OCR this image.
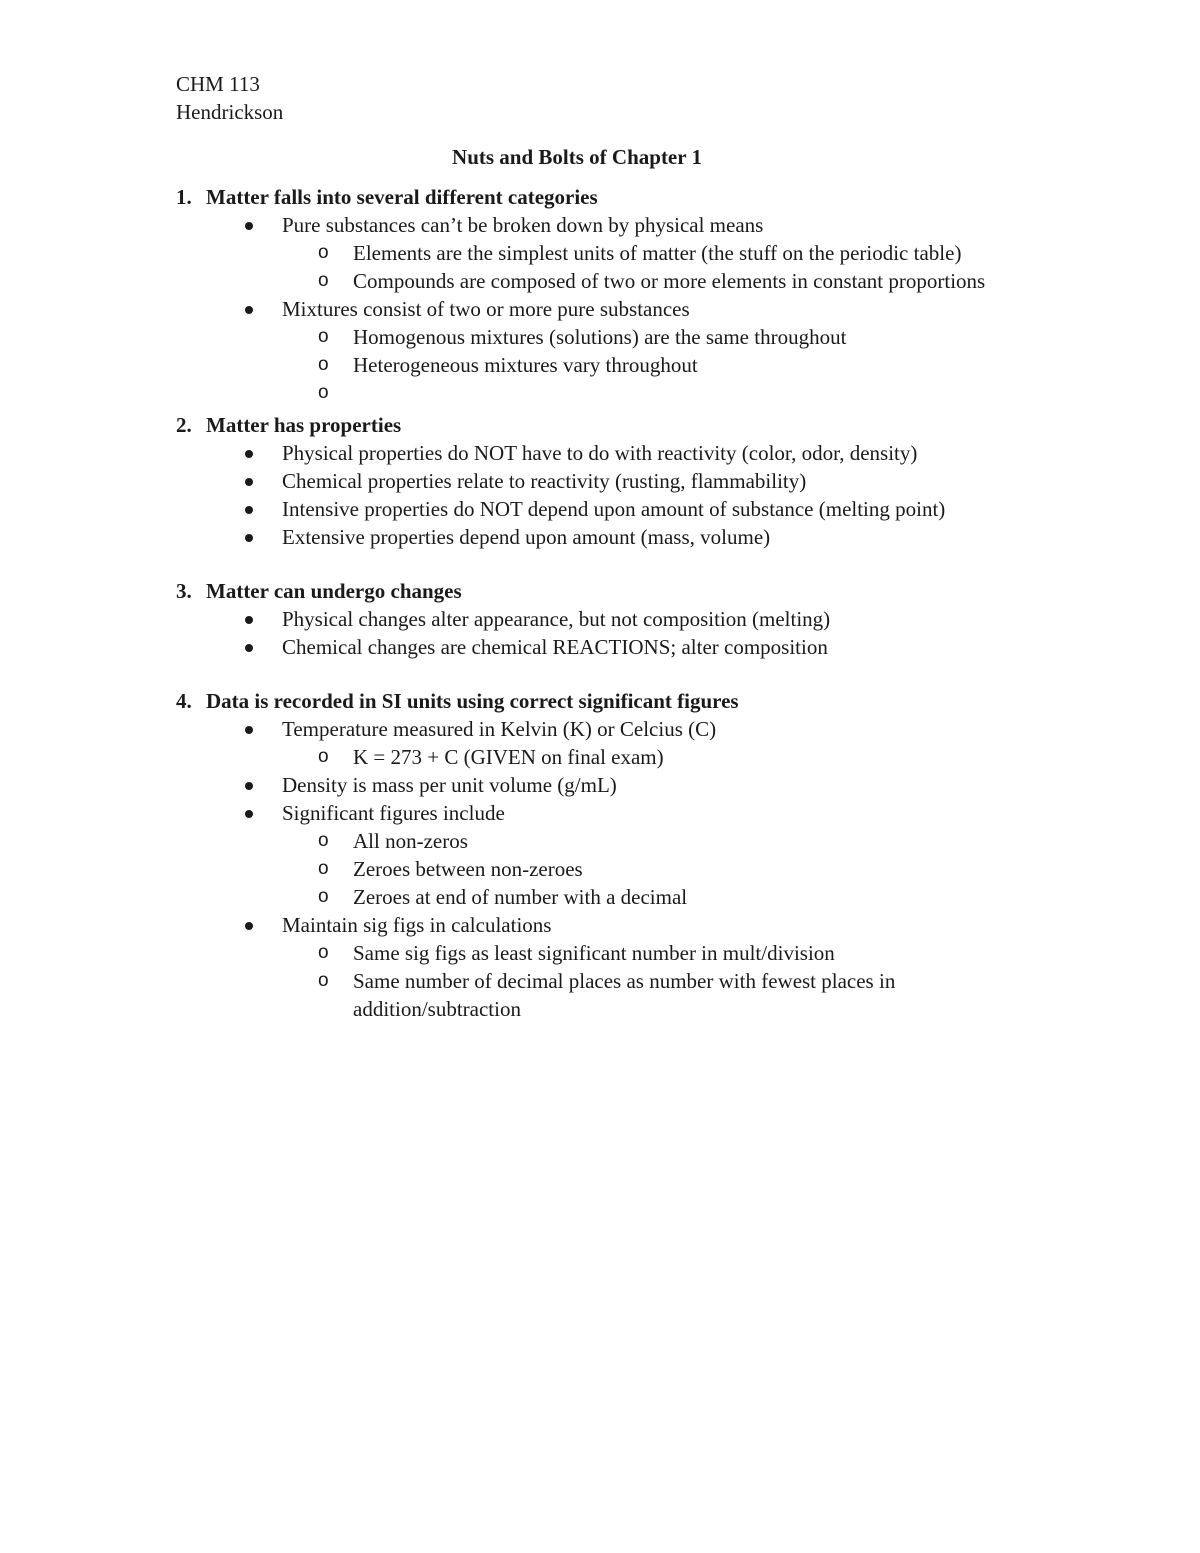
CHM 113
Hendrickson
Nuts and Bolts of Chapter 1
1. Matter falls into several different categories
Pure substances can’t be broken down by physical means
o	Elements are the simplest units of matter (the stuff on the periodic table)
o	Compounds are composed of two or more elements in constant proportions
Mixtures consist of two or more pure substances
o	Homogenous mixtures (solutions) are the same throughout
o	Heterogeneous mixtures vary throughout
o
2. Matter has properties
Physical properties do NOT have to do with reactivity (color, odor, density)
Chemical properties relate to reactivity (rusting, flammability)
Intensive properties do NOT depend upon amount of substance (melting point)
Extensive properties depend upon amount (mass, volume)
3. Matter can undergo changes
Physical changes alter appearance, but not composition (melting)
Chemical changes are chemical REACTIONS; alter composition
4. Data is recorded in SI units using correct significant figures
Temperature measured in Kelvin (K) or Celcius (C)
o	K = 273 + C (GIVEN on final exam)
Density is mass per unit volume (g/mL)
Significant figures include
o	All non-zeros
o	Zeroes between non-zeroes
o	Zeroes at end of number with a decimal
Maintain sig figs in calculations
o	Same sig figs as least significant number in mult/division
o	Same number of decimal places as number with fewest places in addition/subtraction
